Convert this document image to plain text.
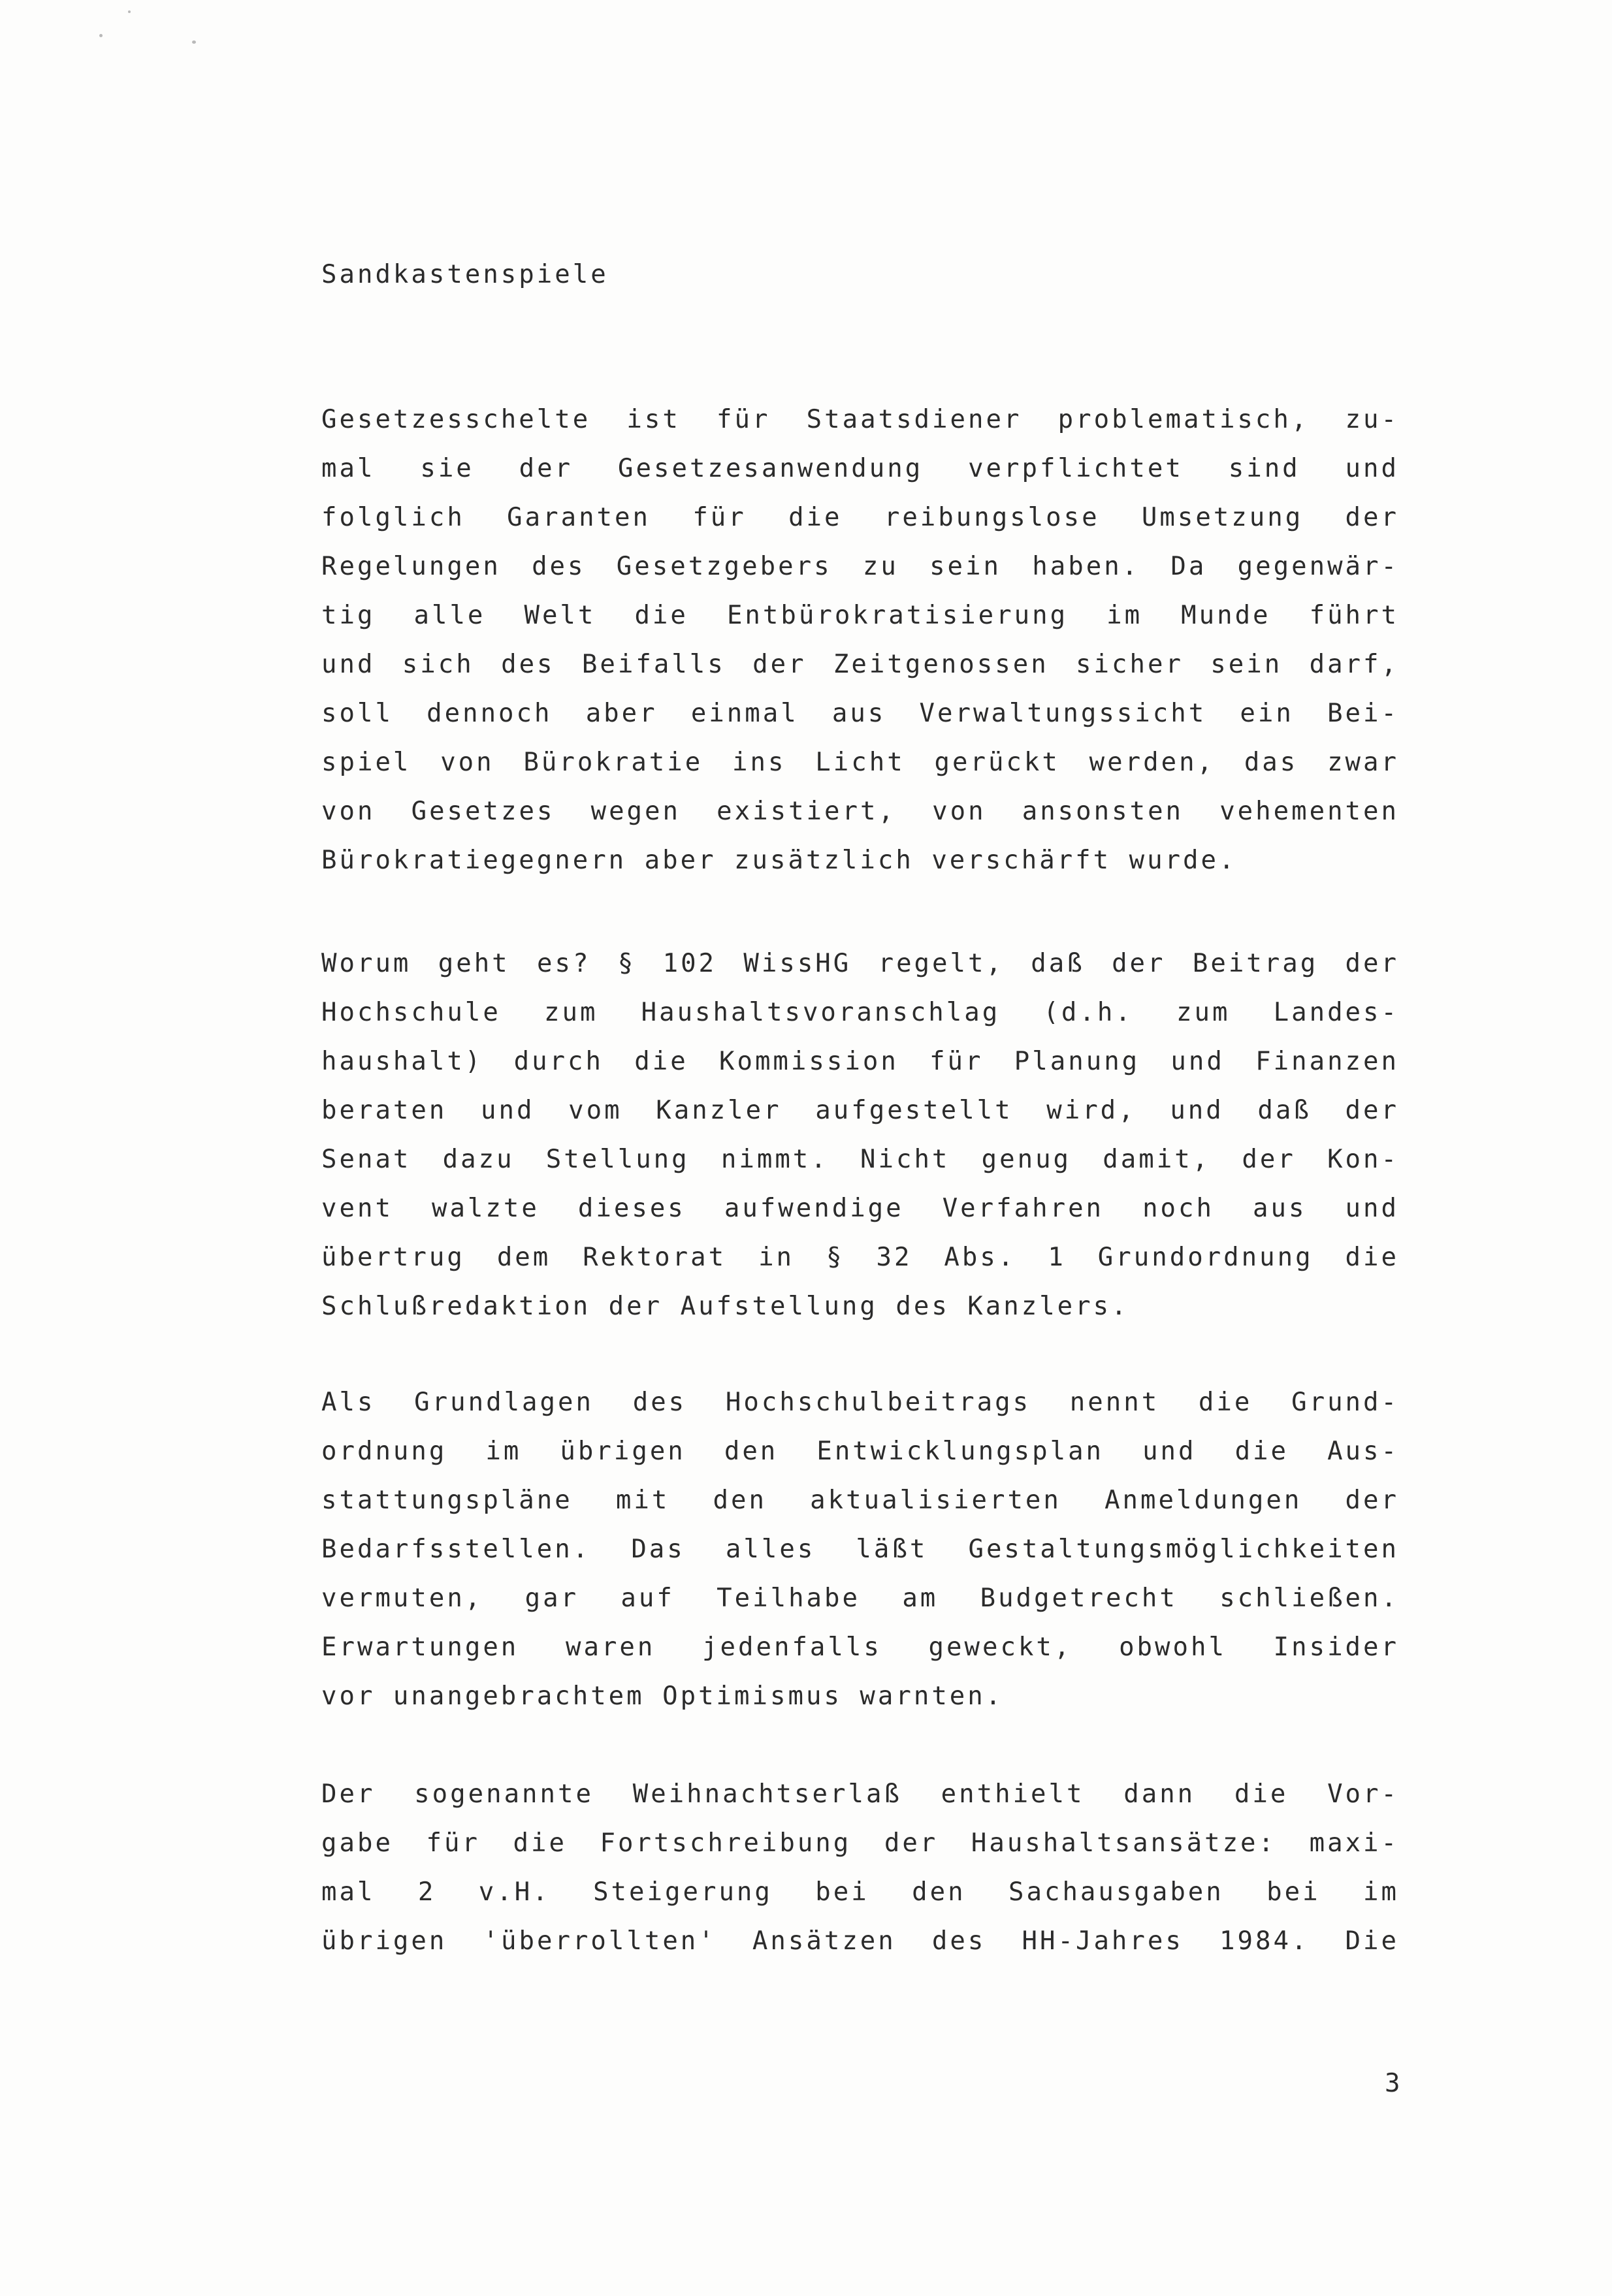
Sandkastenspiele
Gesetzesschelte ist für Staatsdiener problematisch, zu-
mal sie der Gesetzesanwendung verpflichtet sind und
folglich Garanten für die reibungslose Umsetzung der
Regelungen des Gesetzgebers zu sein haben. Da gegenwär-
tig alle Welt die Entbürokratisierung im Munde führt
und sich des Beifalls der Zeitgenossen sicher sein darf,
soll dennoch aber einmal aus Verwaltungssicht ein Bei-
spiel von Bürokratie ins Licht gerückt werden, das zwar
von Gesetzes wegen existiert, von ansonsten vehementen
Bürokratiegegnern aber zusätzlich verschärft wurde.
Worum geht es? § 102 WissHG regelt, daß der Beitrag der
Hochschule zum Haushaltsvoranschlag (d.h. zum Landes-
haushalt) durch die Kommission für Planung und Finanzen
beraten und vom Kanzler aufgestellt wird, und daß der
Senat dazu Stellung nimmt. Nicht genug damit, der Kon-
vent walzte dieses aufwendige Verfahren noch aus und
übertrug dem Rektorat in § 32 Abs. 1 Grundordnung die
Schlußredaktion der Aufstellung des Kanzlers.
Als Grundlagen des Hochschulbeitrags nennt die Grund-
ordnung im übrigen den Entwicklungsplan und die Aus-
stattungspläne mit den aktualisierten Anmeldungen der
Bedarfsstellen. Das alles läßt Gestaltungsmöglichkeiten
vermuten, gar auf Teilhabe am Budgetrecht schließen.
Erwartungen waren jedenfalls geweckt, obwohl Insider
vor unangebrachtem Optimismus warnten.
Der sogenannte Weihnachtserlaß enthielt dann die Vor-
gabe für die Fortschreibung der Haushaltsansätze: maxi-
mal 2 v.H. Steigerung bei den Sachausgaben bei im
übrigen 'überrollten' Ansätzen des HH-Jahres 1984. Die
3
